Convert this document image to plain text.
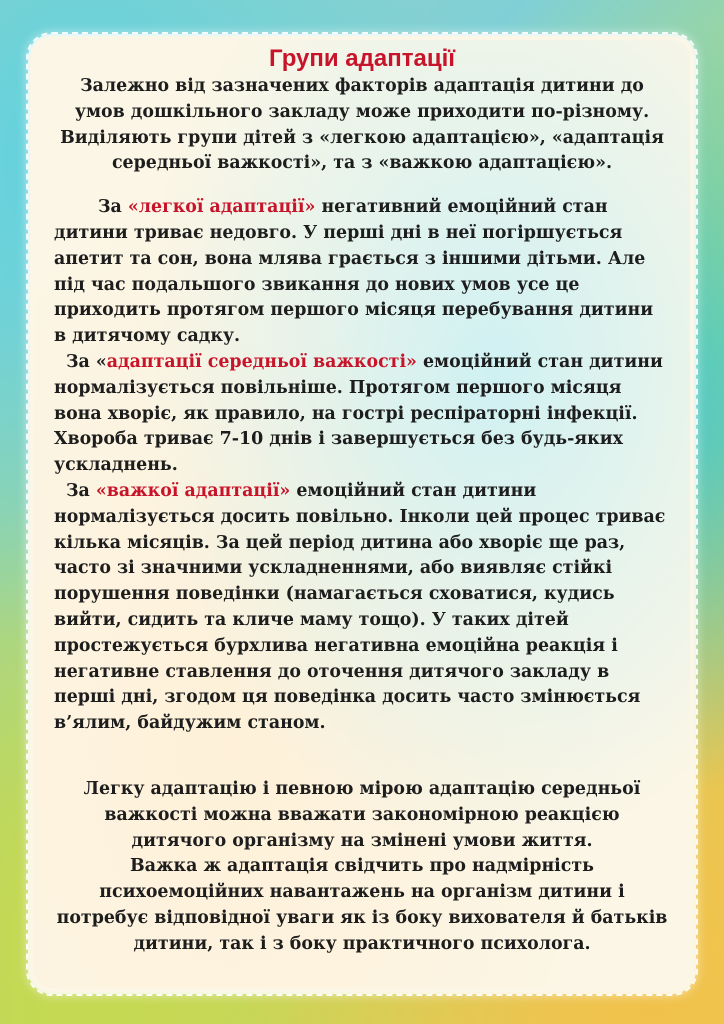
Групи адаптації

Залежно від зазначених факторів адаптація дитини до умов дошкільного закладу може приходити по-різному. Виділяють групи дітей з «легкою адаптацією», «адаптація середньої важкості», та з «важкою адаптацією».

За «легкої адаптації» негативний емоційний стан дитини триває недовго. У перші дні в неї погіршується апетит та сон, вона млява грається з іншими дітьми. Але під час подальшого звикання до нових умов усе це приходить протягом першого місяця перебування дитини в дитячому садку.

За «адаптації середньої важкості» емоційний стан дитини нормалізується повільніше. Протягом першого місяця вона хворіє, як правило, на гострі респіраторні інфекції. Хвороба триває 7-10 днів і завершується без будь-яких ускладнень.

За «важкої адаптації» емоційний стан дитини нормалізується досить повільно. Інколи цей процес триває кілька місяців. За цей період дитина або хворіє ще раз, часто зі значними ускладненнями, або виявляє стійкі порушення поведінки (намагається сховатися, кудись вийти, сидить та кличе маму тощо). У таких дітей простежується бурхлива негативна емоційна реакція і негативне ставлення до оточення дитячого закладу в перші дні, згодом ця поведінка досить часто змінюється в’ялим, байдужим станом.

Легку адаптацію і певною мірою адаптацію середньої важкості можна вважати закономірною реакцією дитячого організму на змінені умови життя.

Важка ж адаптація свідчить про надмірність психоемоційних навантажень на організм дитини і потребує відповідної уваги як із боку вихователя й батьків дитини, так і з боку практичного психолога.
